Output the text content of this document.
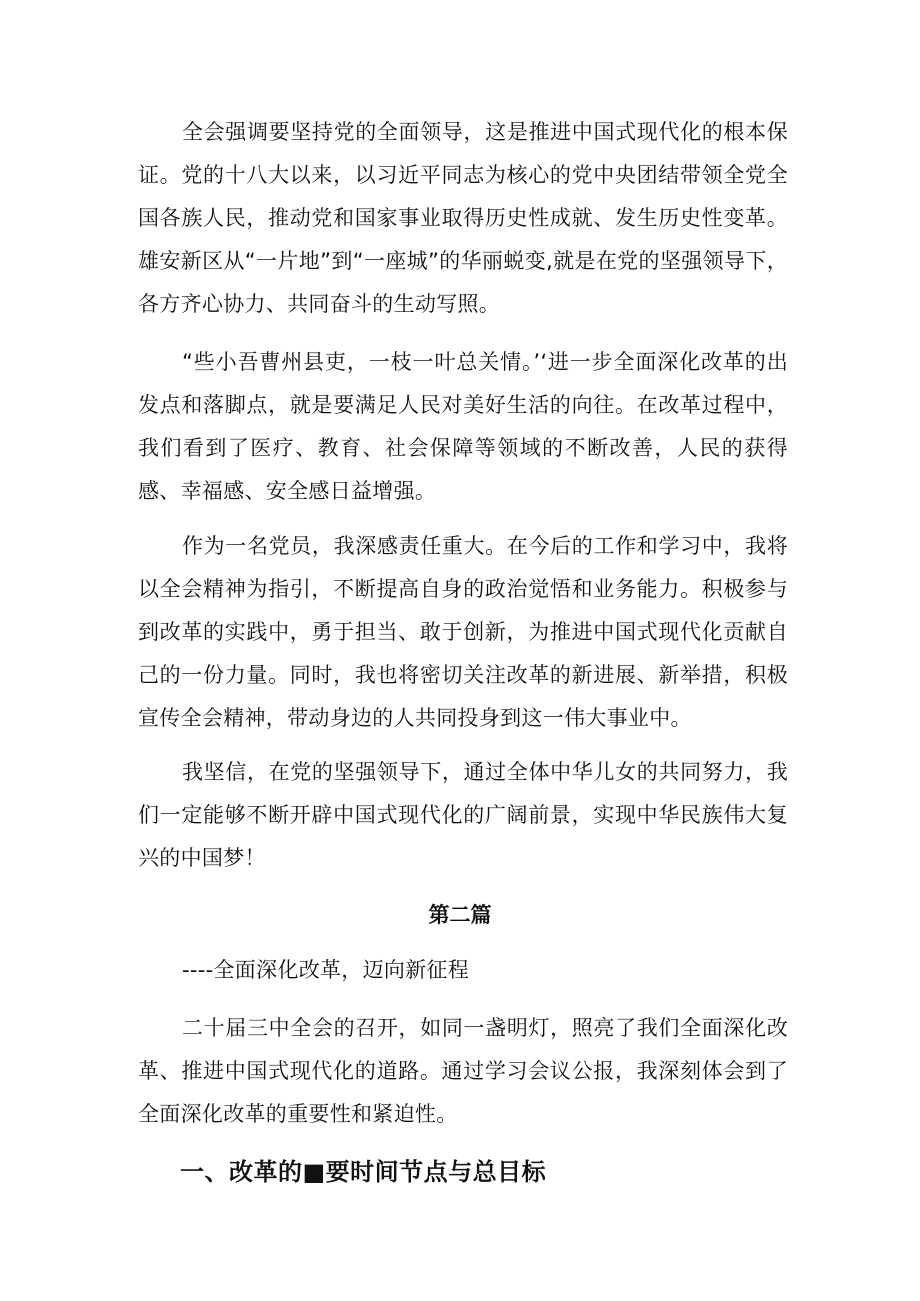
全会强调要坚持党的全面领导，这是推进中国式现代化的根本保证。党的十八大以来，以习近平同志为核心的党中央团结带领全党全国各族人民，推动党和国家事业取得历史性成就、发生历史性变革。雄安新区从“一片地”到“一座城”的华丽蜕变,就是在党的坚强领导下，各方齐心协力、共同奋斗的生动写照。

“些小吾曹州县吏，一枝一叶总关情。’‘进一步全面深化改革的出发点和落脚点，就是要满足人民对美好生活的向往。在改革过程中，我们看到了医疗、教育、社会保障等领域的不断改善，人民的获得感、幸福感、安全感日益增强。

作为一名党员，我深感责任重大。在今后的工作和学习中，我将以全会精神为指引，不断提高自身的政治觉悟和业务能力。积极参与到改革的实践中，勇于担当、敢于创新，为推进中国式现代化贡献自己的一份力量。同时，我也将密切关注改革的新进展、新举措，积极宣传全会精神，带动身边的人共同投身到这一伟大事业中。

我坚信，在党的坚强领导下，通过全体中华儿女的共同努力，我们一定能够不断开辟中国式现代化的广阔前景，实现中华民族伟大复兴的中国梦！

第二篇

----全面深化改革，迈向新征程

二十届三中全会的召开，如同一盏明灯，照亮了我们全面深化改革、推进中国式现代化的道路。通过学习会议公报，我深刻体会到了全面深化改革的重要性和紧迫性。

一、改革的■要时间节点与总目标
